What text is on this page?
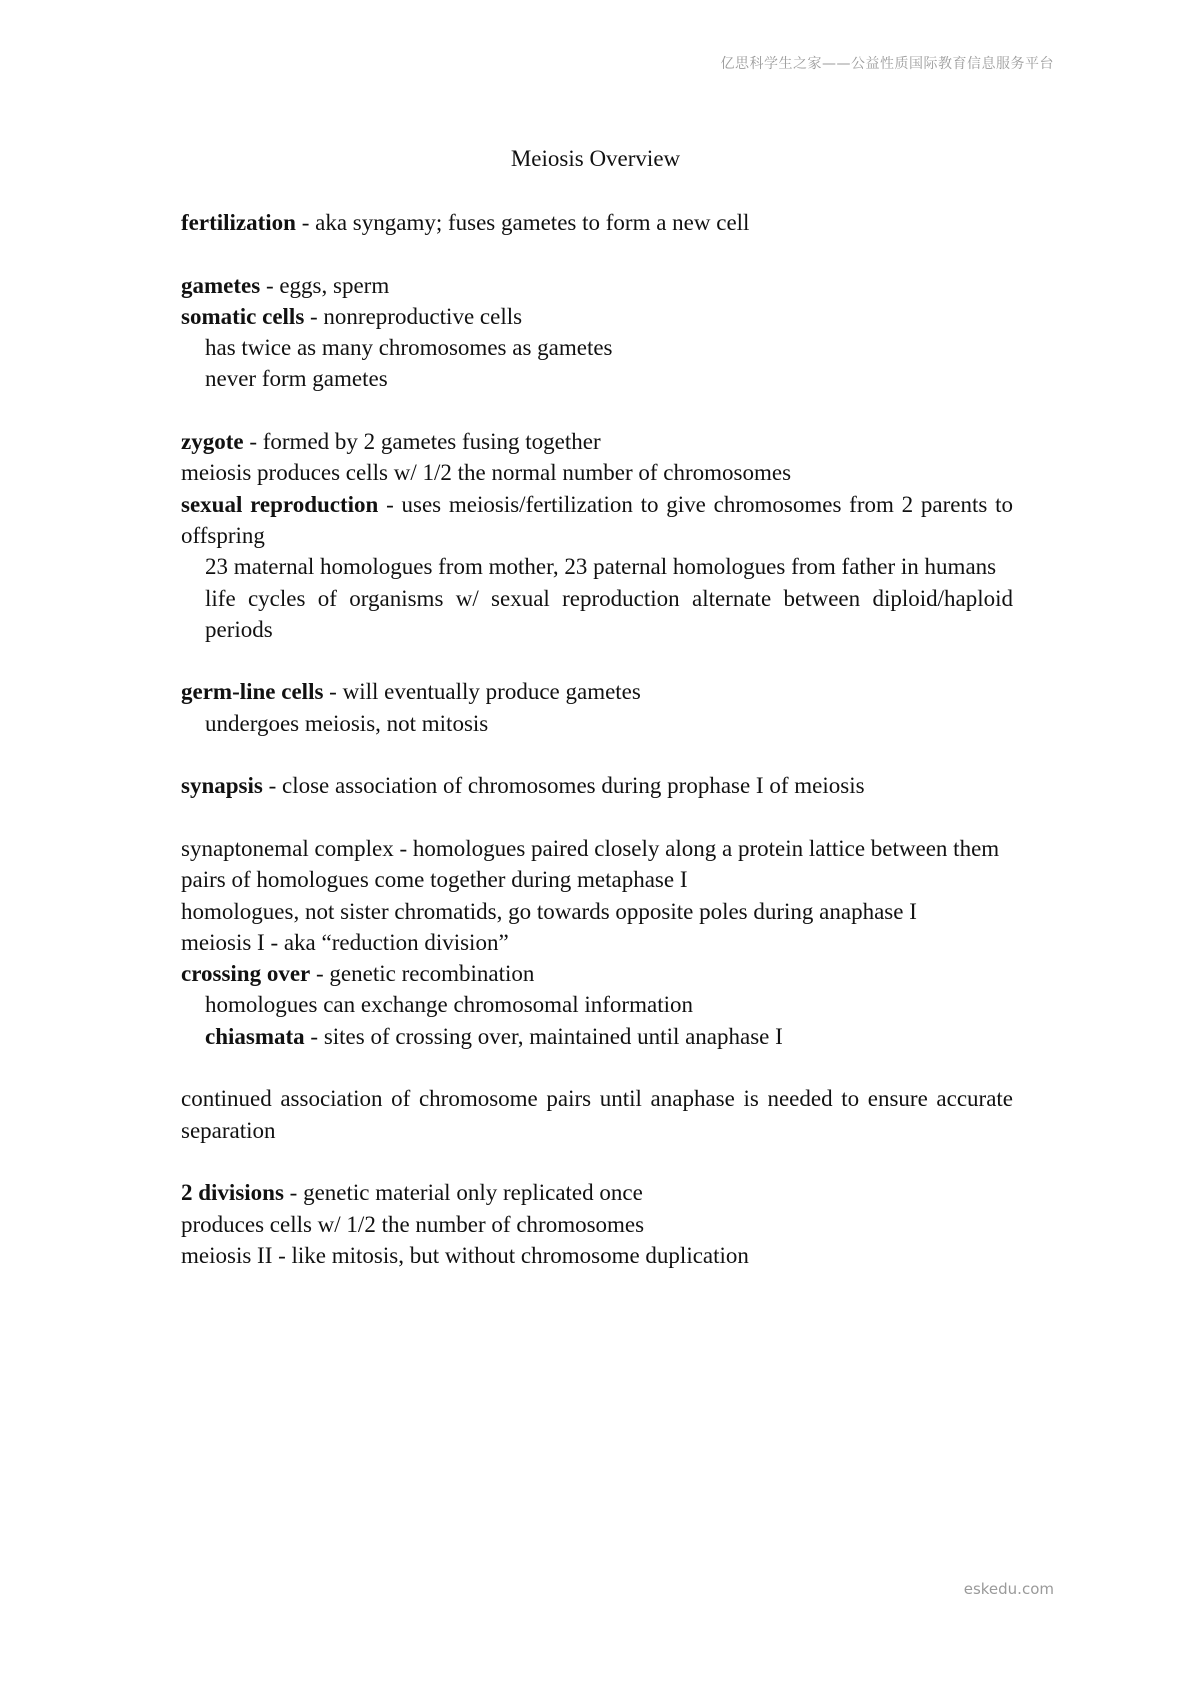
亿思科学生之家——公益性质国际教育信息服务平台
Meiosis Overview

fertilization - aka syngamy; fuses gametes to form a new cell

gametes - eggs, sperm

somatic cells - nonreproductive cells

has twice as many chromosomes as gametes

never form gametes

zygote - formed by 2 gametes fusing together

meiosis produces cells w/ 1/2 the normal number of chromosomes

sexual reproduction - uses meiosis/fertilization to give chromosomes from 2 parents to offspring

23 maternal homologues from mother, 23 paternal homologues from father in humans

life cycles of organisms w/ sexual reproduction alternate between diploid/haploid periods

germ-line cells - will eventually produce gametes

undergoes meiosis, not mitosis

synapsis - close association of chromosomes during prophase I of meiosis

synaptonemal complex - homologues paired closely along a protein lattice between them

pairs of homologues come together during metaphase I

homologues, not sister chromatids, go towards opposite poles during anaphase I

meiosis I - aka “reduction division”

crossing over - genetic recombination

homologues can exchange chromosomal information

chiasmata - sites of crossing over, maintained until anaphase I

continued association of chromosome pairs until anaphase is needed to ensure accurate separation

2 divisions - genetic material only replicated once

produces cells w/ 1/2 the number of chromosomes

meiosis II - like mitosis, but without chromosome duplication

eskedu.com
